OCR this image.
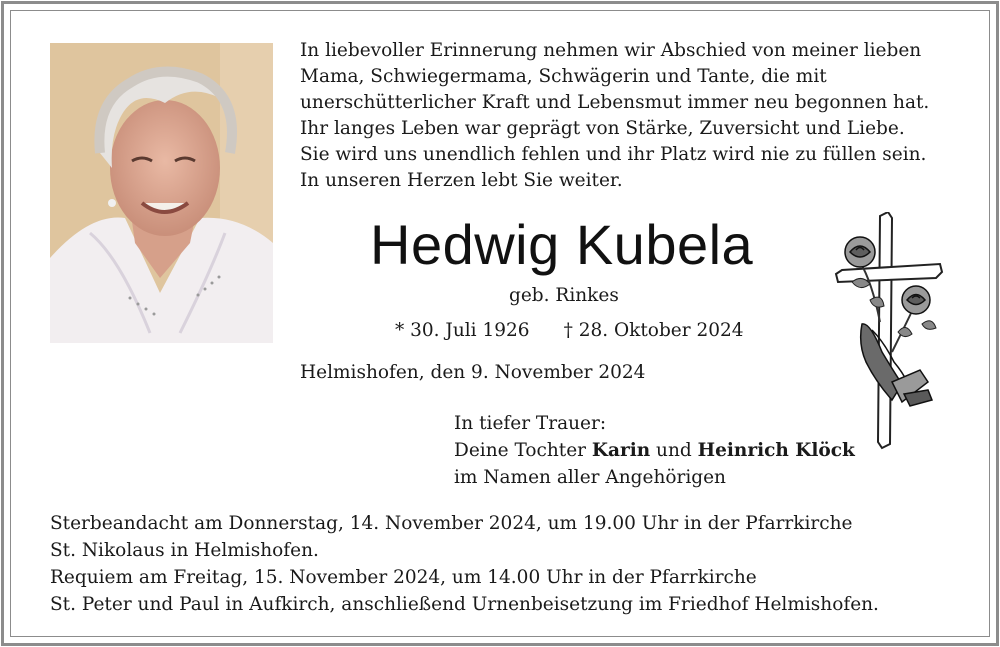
In liebevoller Erinnerung nehmen wir Abschied von meiner lieben
Mama, Schwiegermama, Schwägerin und Tante, die mit
unerschütterlicher Kraft und Lebensmut immer neu begonnen hat.
Ihr langes Leben war geprägt von Stärke, Zuversicht und Liebe.
Sie wird uns unendlich fehlen und ihr Platz wird nie zu füllen sein.
In unseren Herzen lebt Sie weiter.
Hedwig Kubela
geb. Rinkes
* 30. Juli 1926 † 28. Oktober 2024
Helmishofen, den 9. November 2024
In tiefer Trauer:
Deine Tochter Karin und Heinrich Klöck
im Namen aller Angehörigen
Sterbeandacht am Donnerstag, 14. November 2024, um 19.00 Uhr in der Pfarrkirche
St. Nikolaus in Helmishofen.
Requiem am Freitag, 15. November 2024, um 14.00 Uhr in der Pfarrkirche
St. Peter und Paul in Aufkirch, anschließend Urnenbeisetzung im Friedhof Helmishofen.
